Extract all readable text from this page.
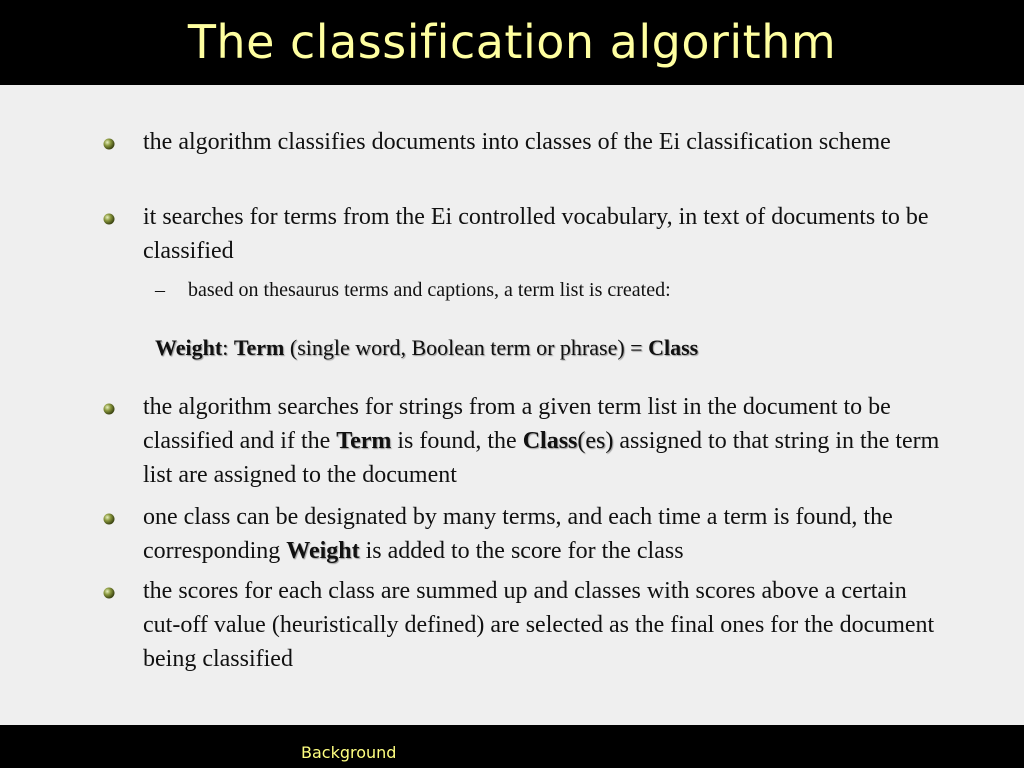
The classification algorithm
the algorithm classifies documents into classes of the Ei classification scheme
it searches for terms from the Ei controlled vocabulary, in text of documents to be classified
– based on thesaurus terms and captions, a term list is created:
Weight: Term (single word, Boolean term or phrase) = Class
the algorithm searches for strings from a given term list in the document to be classified and if the Term is found, the Class(es) assigned to that string in the term list are assigned to the document
one class can be designated by many terms, and each time a term is found, the corresponding Weight is added to the score for the class
the scores for each class are summed up and classes with scores above a certain cut-off value (heuristically defined) are selected as the final ones for the document being classified
Background
